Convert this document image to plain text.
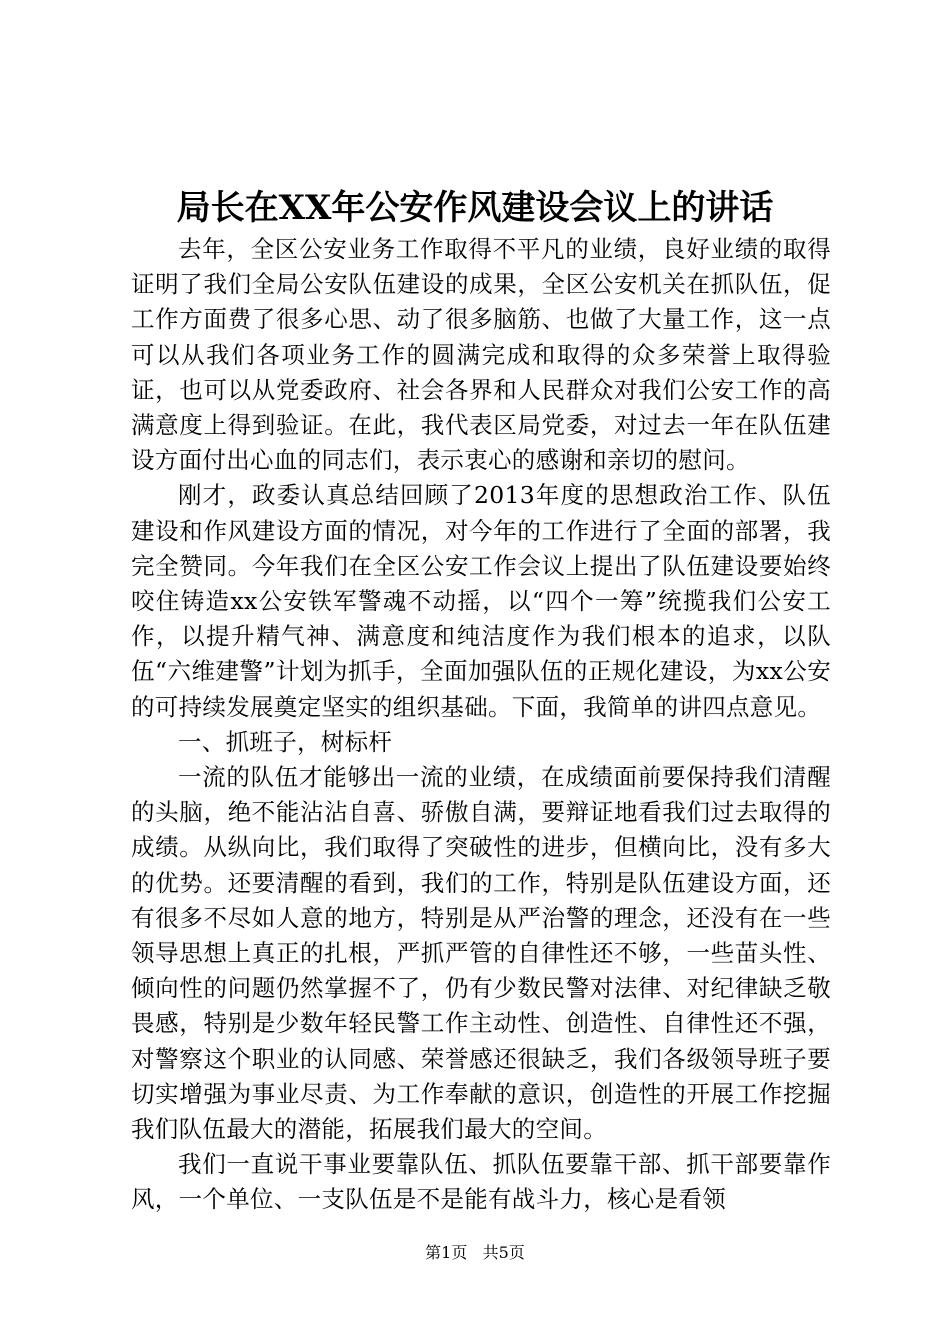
局长在XX年公安作风建设会议上的讲话

去年，全区公安业务工作取得不平凡的业绩，良好业绩的取得证明了我们全局公安队伍建设的成果，全区公安机关在抓队伍，促工作方面费了很多心思、动了很多脑筋、也做了大量工作，这一点可以从我们各项业务工作的圆满完成和取得的众多荣誉上取得验证，也可以从党委政府、社会各界和人民群众对我们公安工作的高满意度上得到验证。在此，我代表区局党委，对过去一年在队伍建设方面付出心血的同志们，表示衷心的感谢和亲切的慰问。

刚才，政委认真总结回顾了2013年度的思想政治工作、队伍建设和作风建设方面的情况，对今年的工作进行了全面的部署，我完全赞同。今年我们在全区公安工作会议上提出了队伍建设要始终咬住铸造xx公安铁军警魂不动摇，以“四个一筹”统揽我们公安工作，以提升精气神、满意度和纯洁度作为我们根本的追求，以队伍“六维建警”计划为抓手，全面加强队伍的正规化建设，为xx公安的可持续发展奠定坚实的组织基础。下面，我简单的讲四点意见。

一、抓班子，树标杆

一流的队伍才能够出一流的业绩，在成绩面前要保持我们清醒的头脑，绝不能沾沾自喜、骄傲自满，要辩证地看我们过去取得的成绩。从纵向比，我们取得了突破性的进步，但横向比，没有多大的优势。还要清醒的看到，我们的工作，特别是队伍建设方面，还有很多不尽如人意的地方，特别是从严治警的理念，还没有在一些领导思想上真正的扎根，严抓严管的自律性还不够，一些苗头性、倾向性的问题仍然掌握不了，仍有少数民警对法律、对纪律缺乏敬畏感，特别是少数年轻民警工作主动性、创造性、自律性还不强，对警察这个职业的认同感、荣誉感还很缺乏，我们各级领导班子要切实增强为事业尽责、为工作奉献的意识，创造性的开展工作挖掘我们队伍最大的潜能，拓展我们最大的空间。

我们一直说干事业要靠队伍、抓队伍要靠干部、抓干部要靠作风，一个单位、一支队伍是不是能有战斗力，核心是看领

第1页 共5页
